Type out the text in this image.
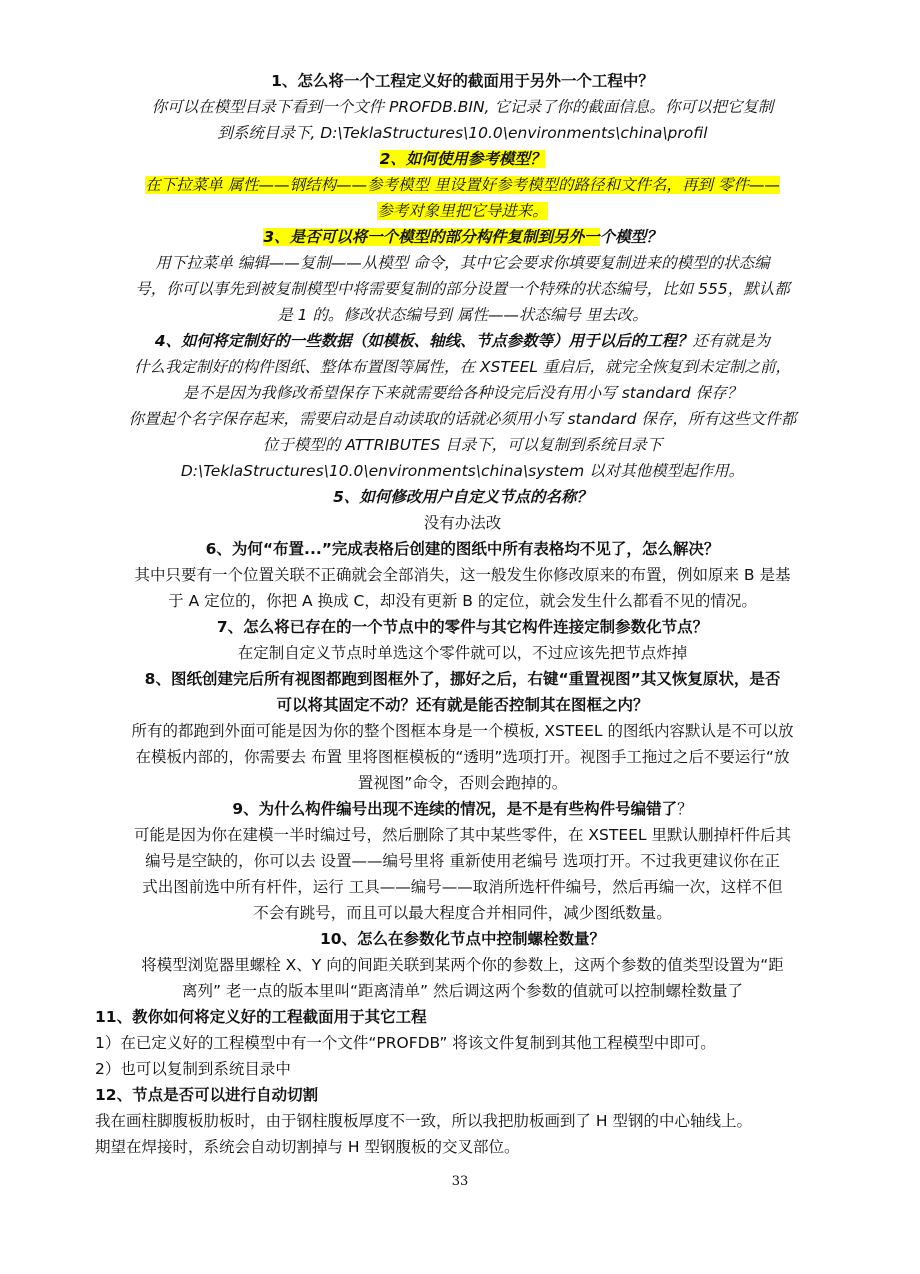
1、怎么将一个工程定义好的截面用于另外一个工程中？
你可以在模型目录下看到一个文件 PROFDB.BIN, 它记录了你的截面信息。你可以把它复制
到系统目录下, D:\TeklaStructures\10.0\environments\china\profil
2、如何使用参考模型？
在下拉菜单 属性——钢结构——参考模型 里设置好参考模型的路径和文件名，再到 零件——
参考对象里把它导进来。
3、是否可以将一个模型的部分构件复制到另外一个模型？
用下拉菜单 编辑——复制——从模型 命令，其中它会要求你填要复制进来的模型的状态编
号，你可以事先到被复制模型中将需要复制的部分设置一个特殊的状态编号，比如 555，默认都
是 1 的。修改状态编号到 属性——状态编号 里去改。
4、如何将定制好的一些数据（如模板、轴线、节点参数等）用于以后的工程？还有就是为
什么我定制好的构件图纸、整体布置图等属性，在 XSTEEL 重启后，就完全恢复到未定制之前，
是不是因为我修改希望保存下来就需要给各种设完后没有用小写 standard 保存？
你置起个名字保存起来，需要启动是自动读取的话就必须用小写 standard 保存，所有这些文件都
位于模型的 ATTRIBUTES 目录下，可以复制到系统目录下
D:\TeklaStructures\10.0\environments\china\system 以对其他模型起作用。
5、如何修改用户自定义节点的名称？
没有办法改
6、为何“布置...”完成表格后创建的图纸中所有表格均不见了，怎么解决？
其中只要有一个位置关联不正确就会全部消失，这一般发生你修改原来的布置，例如原来 B 是基
于 A 定位的，你把 A 换成 C，却没有更新 B 的定位，就会发生什么都看不见的情况。
7、怎么将已存在的一个节点中的零件与其它构件连接定制参数化节点？
在定制自定义节点时单选这个零件就可以，不过应该先把节点炸掉
8、图纸创建完后所有视图都跑到图框外了，挪好之后，右键“重置视图”其又恢复原状，是否
可以将其固定不动？还有就是能否控制其在图框之内？
所有的都跑到外面可能是因为你的整个图框本身是一个模板, XSTEEL 的图纸内容默认是不可以放
在模板内部的，你需要去 布置 里将图框模板的“透明”选项打开。视图手工拖过之后不要运行“放
置视图”命令，否则会跑掉的。
9、为什么构件编号出现不连续的情况，是不是有些构件号编错了？
可能是因为你在建模一半时编过号，然后删除了其中某些零件，在 XSTEEL 里默认删掉杆件后其
编号是空缺的，你可以去 设置——编号里将 重新使用老编号 选项打开。不过我更建议你在正
式出图前选中所有杆件，运行 工具——编号——取消所选杆件编号，然后再编一次，这样不但
不会有跳号，而且可以最大程度合并相同件，减少图纸数量。
10、怎么在参数化节点中控制螺栓数量？
将模型浏览器里螺栓 X、Y 向的间距关联到某两个你的参数上，这两个参数的值类型设置为“距
离列” 老一点的版本里叫“距离清单” 然后调这两个参数的值就可以控制螺栓数量了
11、教你如何将定义好的工程截面用于其它工程
1）在已定义好的工程模型中有一个文件“PROFDB” 将该文件复制到其他工程模型中即可。
2）也可以复制到系统目录中
12、节点是否可以进行自动切割
我在画柱脚腹板肋板时，由于钢柱腹板厚度不一致，所以我把肋板画到了 H 型钢的中心轴线上。
期望在焊接时，系统会自动切割掉与 H 型钢腹板的交叉部位。
33
